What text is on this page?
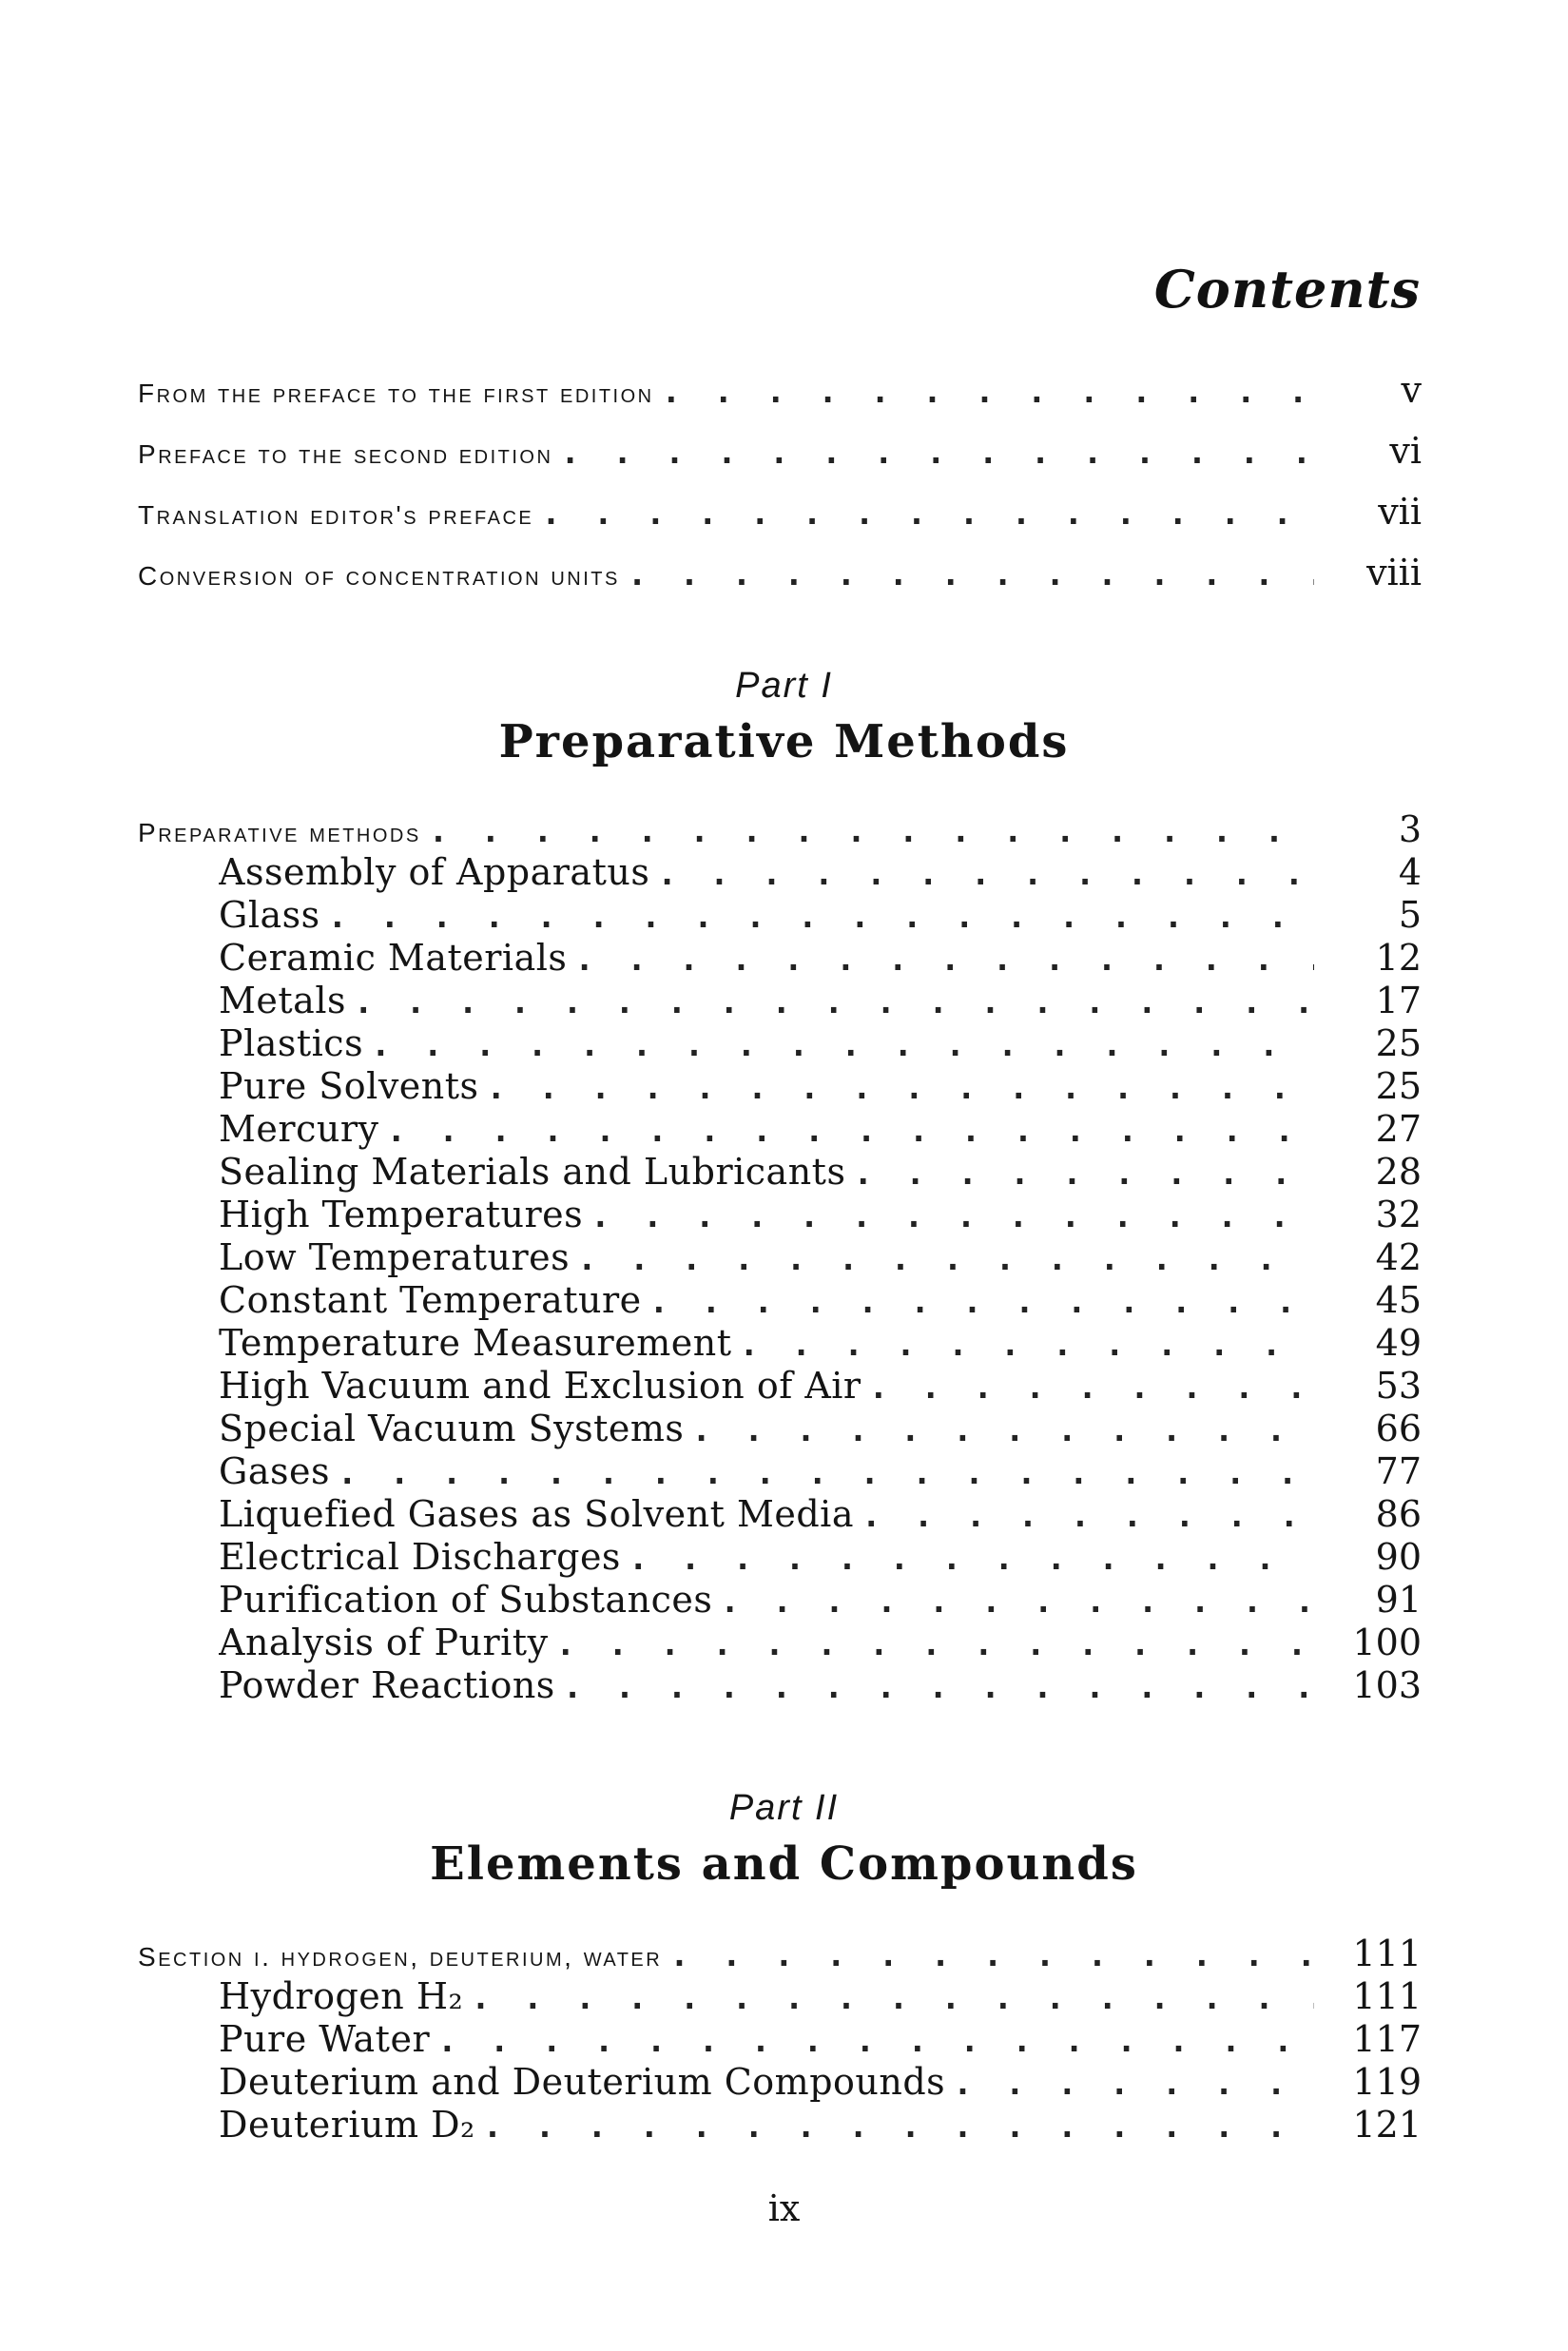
Contents
From the preface to the first edition . . .	v
Preface to the second edition . . .	vi
Translation editor's preface . . .	vii
Conversion of concentration units . . .	viii
Part I
Preparative Methods
Preparative methods . . .	3
Assembly of Apparatus . . .	4
Glass . . .	5
Ceramic Materials . . .	12
Metals . . .	17
Plastics . . .	25
Pure Solvents . . .	25
Mercury . . .	27
Sealing Materials and Lubricants . . .	28
High Temperatures . . .	32
Low Temperatures . . .	42
Constant Temperature . . .	45
Temperature Measurement . . .	49
High Vacuum and Exclusion of Air . . .	53
Special Vacuum Systems . . .	66
Gases . . .	77
Liquefied Gases as Solvent Media . . .	86
Electrical Discharges . . .	90
Purification of Substances . . .	91
Analysis of Purity . . .	100
Powder Reactions . . .	103
Part II
Elements and Compounds
Section i. hydrogen, deuterium, water . . .	111
Hydrogen H₂ . . .	111
Pure Water . . .	117
Deuterium and Deuterium Compounds . . .	119
Deuterium D₂ . . .	121
ix
